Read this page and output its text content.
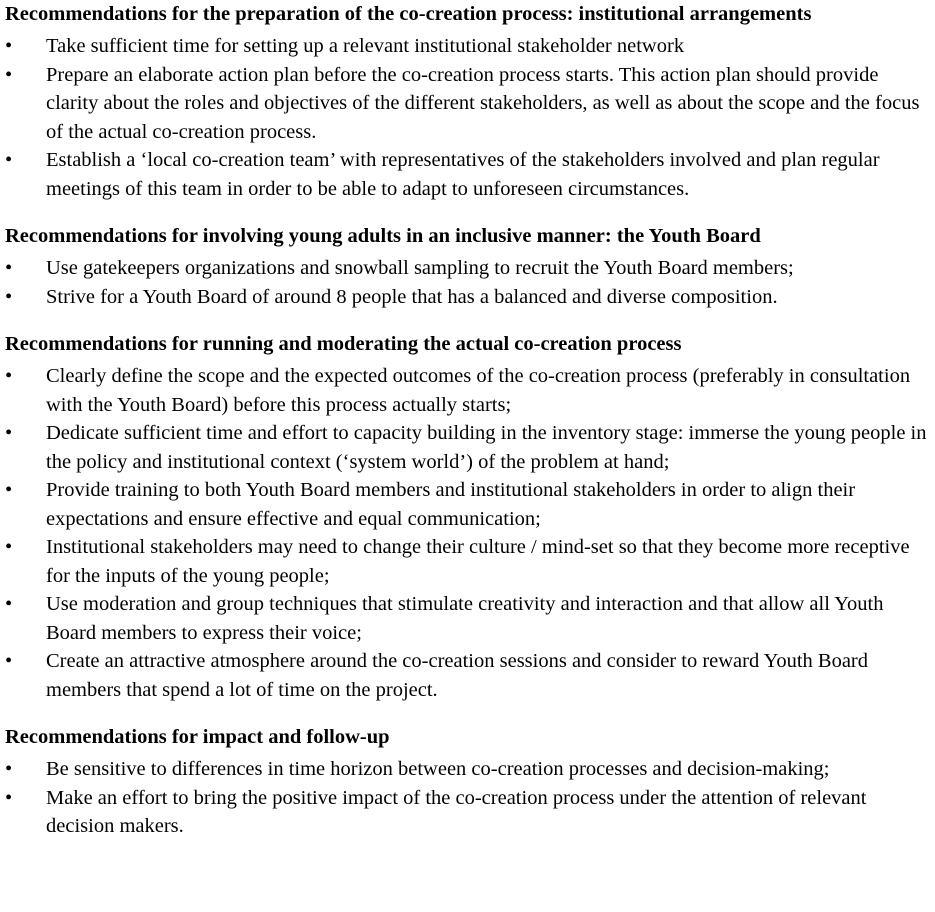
Recommendations for the preparation of the co-creation process: institutional arrangements
•	Take sufficient time for setting up a relevant institutional stakeholder network
•	Prepare an elaborate action plan before the co-creation process starts. This action plan should provide clarity about the roles and objectives of the different stakeholders, as well as about the scope and the focus of the actual co-creation process.
•	Establish a ‘local co-creation team’ with representatives of the stakeholders involved and plan regular meetings of this team in order to be able to adapt to unforeseen circumstances.
Recommendations for involving young adults in an inclusive manner: the Youth Board
•	Use gatekeepers organizations and snowball sampling to recruit the Youth Board members;
•	Strive for a Youth Board of around 8 people that has a balanced and diverse composition.
Recommendations for running and moderating the actual co-creation process
•	Clearly define the scope and the expected outcomes of the co-creation process (preferably in consultation with the Youth Board) before this process actually starts;
•	Dedicate sufficient time and effort to capacity building in the inventory stage: immerse the young people in the policy and institutional context (‘system world’) of the problem at hand;
•	Provide training to both Youth Board members and institutional stakeholders in order to align their expectations and ensure effective and equal communication;
•	Institutional stakeholders may need to change their culture / mind-set so that they become more receptive for the inputs of the young people;
•	Use moderation and group techniques that stimulate creativity and interaction and that allow all Youth Board members to express their voice;
•	Create an attractive atmosphere around the co-creation sessions and consider to reward Youth Board members that spend a lot of time on the project.
Recommendations for impact and follow-up
•	Be sensitive to differences in time horizon between co-creation processes and decision-making;
•	Make an effort to bring the positive impact of the co-creation process under the attention of relevant decision makers.
